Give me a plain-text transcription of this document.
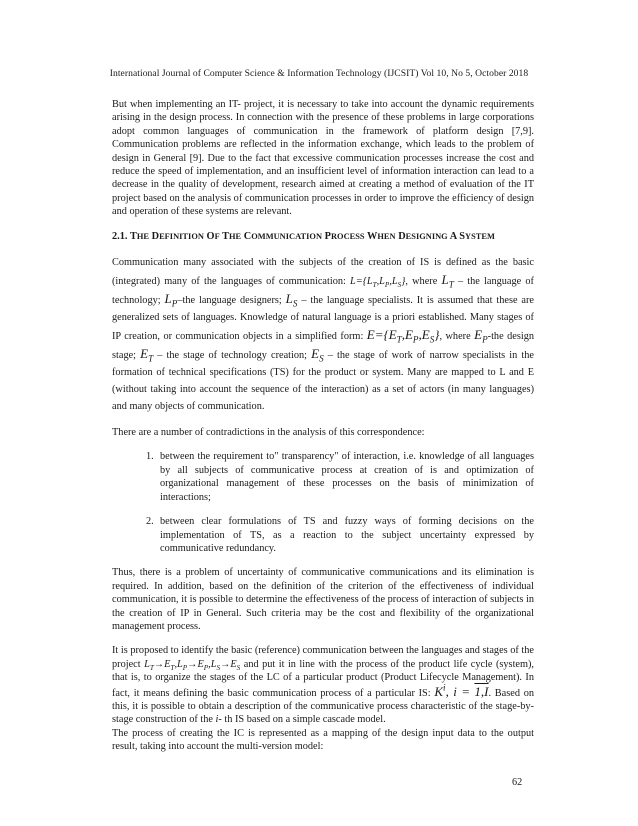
International Journal of Computer Science & Information Technology (IJCSIT) Vol 10, No 5, October 2018

But when implementing an IT- project, it is necessary to take into account the dynamic requirements arising in the design process. In connection with the presence of these problems in large corporations adopt common languages of communication in the framework of platform design [7,9]. Communication problems are reflected in the information exchange, which leads to the problem of design in General [9]. Due to the fact that excessive communication processes increase the cost and reduce the speed of implementation, and an insufficient level of information interaction can lead to a decrease in the quality of development, research aimed at creating a method of evaluation of the IT project based on the analysis of communication processes in order to improve the efficiency of design and operation of these systems are relevant.

2.1. THE DEFINITION OF THE COMMUNICATION PROCESS WHEN DESIGNING A SYSTEM

Communication many associated with the subjects of the creation of IS is defined as the basic (integrated) many of the languages of communication: $L=\{L_T,L_P,L_S\}$, where $L_T$ – the language of technology; $L_P$–the language designers; $L_S$ – the language specialists. It is assumed that these are generalized sets of languages. Knowledge of natural language is a priori established. Many stages of IP creation, or communication objects in a simplified form: $E=\{E_T,E_P,E_S\}$, where $E_P$-the design stage; $E_T$ – the stage of technology creation; $E_S$ – the stage of work of narrow specialists in the formation of technical specifications (TS) for the product or system. Many are mapped to L and E (without taking into account the sequence of the interaction) as a set of actors (in many languages) and many objects of communication.

There are a number of contradictions in the analysis of this correspondence:

1. between the requirement to" transparency" of interaction, i.e. knowledge of all languages by all subjects of communicative process at creation of is and optimization of organizational management of these processes on the basis of minimization of interactions;
2. between clear formulations of TS and fuzzy ways of forming decisions on the implementation of TS, as a reaction to the subject uncertainty expressed by communicative redundancy.

Thus, there is a problem of uncertainty of communicative communications and its elimination is required. In addition, based on the definition of the criterion of the effectiveness of individual communication, it is possible to determine the effectiveness of the process of interaction of subjects in the creation of IP in General. Such criteria may be the cost and flexibility of the organizational management process.

It is proposed to identify the basic (reference) communication between the languages and stages of the project $L_T\to E_T,L_P\to E_P,L_S\to E_S$ and put it in line with the process of the product life cycle (system), that is, to organize the stages of the LC of a particular product (Product Lifecycle Management). In fact, it means defining the basic communication process of a particular IS: $K^i$, i = 1,I. Based on this, it is possible to obtain a description of the communicative process characteristic of the stage-by-stage construction of the i- th IS based on a simple cascade model.

The process of creating the IC is represented as a mapping of the design input data to the output result, taking into account the multi-version model:

62
